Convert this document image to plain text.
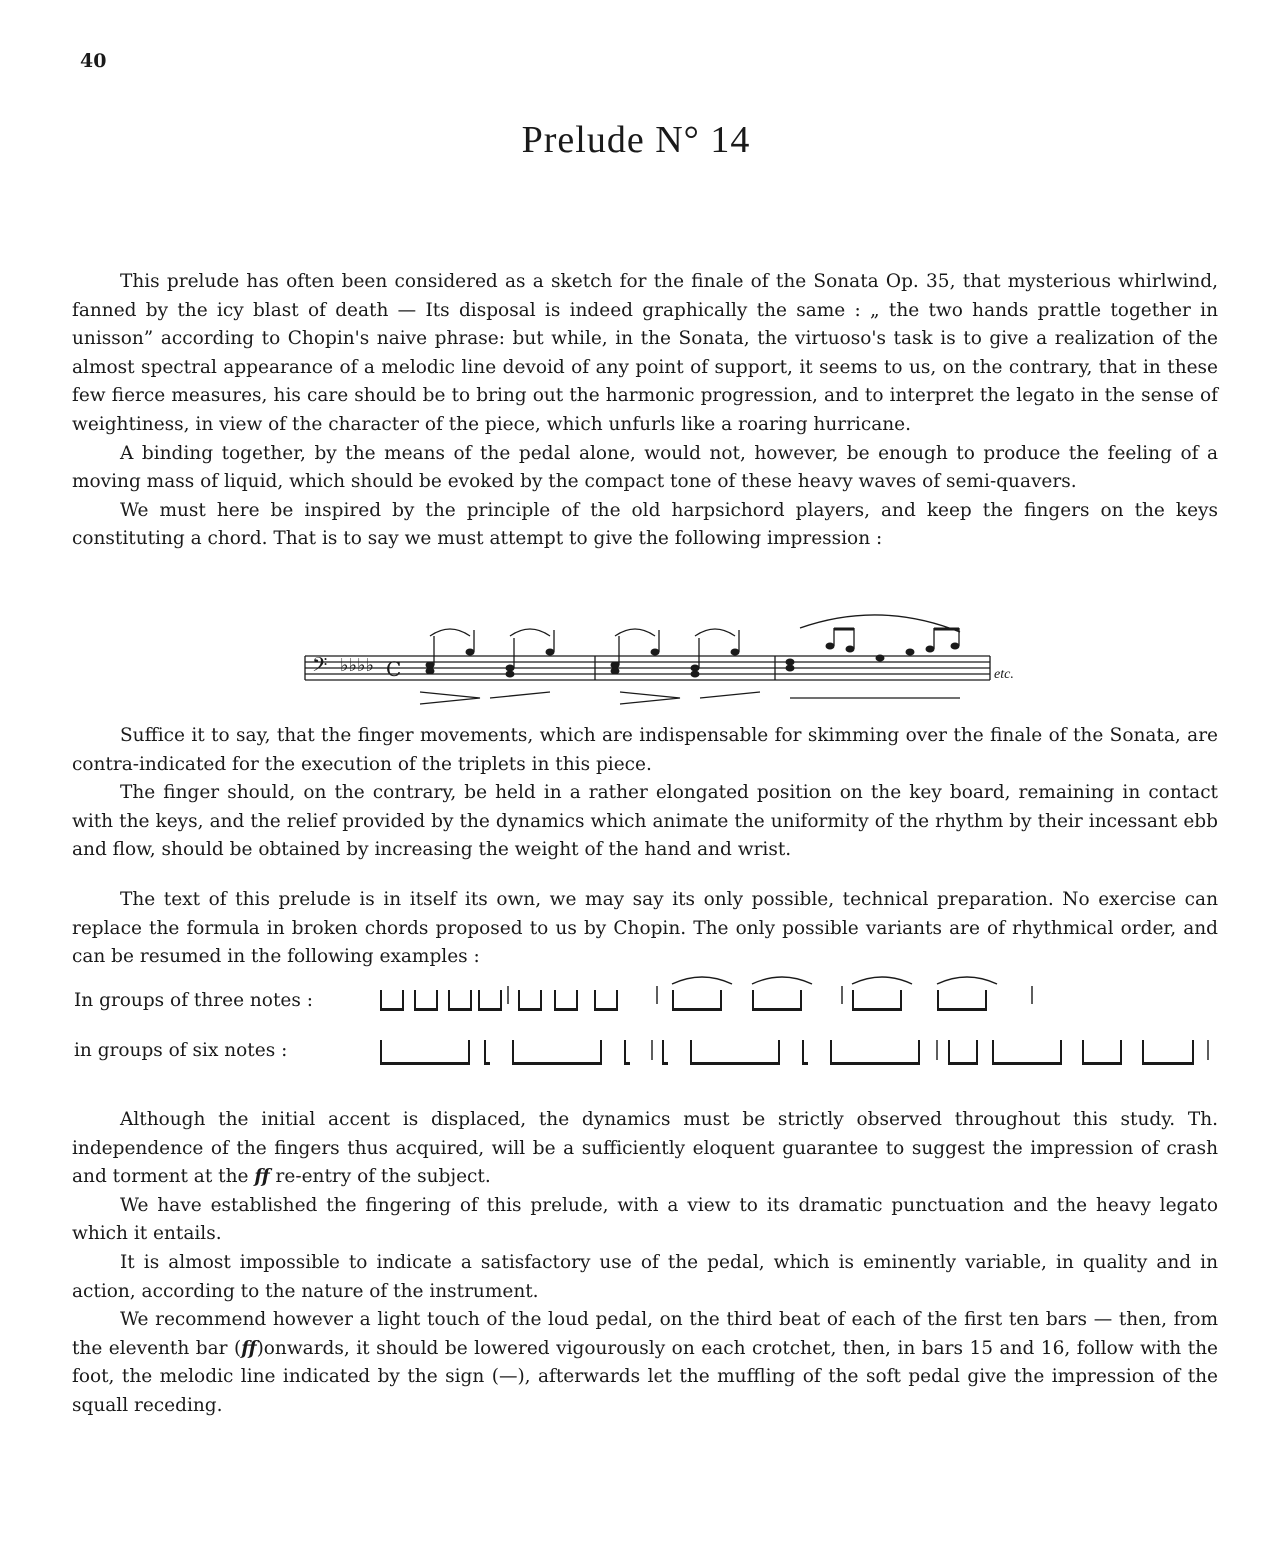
40
Prelude N° 14

This prelude has often been considered as a sketch for the finale of the Sonata Op. 35, that mysterious whirlwind, fanned by the icy blast of death — Its disposal is indeed graphically the same : „ the two hands prattle together in unisson” according to Chopin's naive phrase: but while, in the Sonata, the virtuoso's task is to give a realization of the almost spectral appearance of a melodic line devoid of any point of support, it seems to us, on the contrary, that in these few fierce measures, his care should be to bring out the harmonic progression, and to interpret the legato in the sense of weightiness, in view of the character of the piece, which unfurls like a roaring hurricane.

A binding together, by the means of the pedal alone, would not, however, be enough to produce the feeling of a moving mass of liquid, which should be evoked by the compact tone of these heavy waves of semi-quavers.

We must here be inspired by the principle of the old harpsichord players, and keep the fingers on the keys constituting a chord. That is to say we must attempt to give the following impression :

𝄢 ♭♭♭♭ C	etc.

Suffice it to say, that the finger movements, which are indispensable for skimming over the finale of the Sonata, are contra-indicated for the execution of the triplets in this piece.

The finger should, on the contrary, be held in a rather elongated position on the key board, remaining in contact with the keys, and the relief provided by the dynamics which animate the uniformity of the rhythm by their incessant ebb and flow, should be obtained by increasing the weight of the hand and wrist.

The text of this prelude is in itself its own, we may say its only possible, technical preparation. No exercise can replace the formula in broken chords proposed to us by Chopin. The only possible variants are of rhythmical order, and can be resumed in the following examples :

In groups of three notes :
in groups of six notes :

Although the initial accent is displaced, the dynamics must be strictly observed throughout this study. Th. independence of the fingers thus acquired, will be a sufficiently eloquent guarantee to suggest the impression of crash and torment at the ff re-entry of the subject.

We have established the fingering of this prelude, with a view to its dramatic punctuation and the heavy legato which it entails.

It is almost impossible to indicate a satisfactory use of the pedal, which is eminently variable, in quality and in action, according to the nature of the instrument.

We recommend however a light touch of the loud pedal, on the third beat of each of the first ten bars — then, from the eleventh bar (ff)onwards, it should be lowered vigourously on each crotchet, then, in bars 15 and 16, follow with the foot, the melodic line indicated by the sign (—), afterwards let the muffling of the soft pedal give the impression of the squall receding.
